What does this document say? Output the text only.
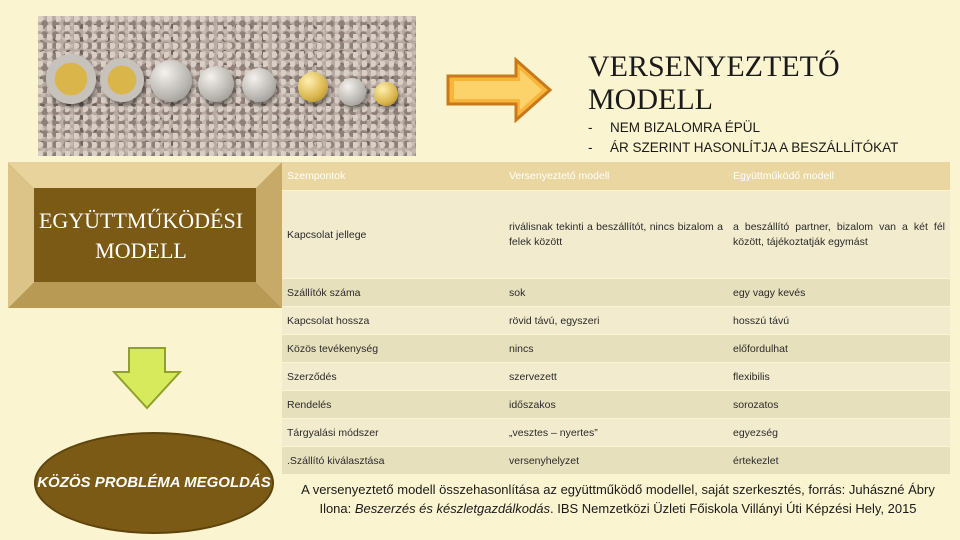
VERSENYEZTETŐ
MODELL
- NEM BIZALOMRA ÉPÜL
- ÁR SZERINT HASONLÍTJA A BESZÁLLÍTÓKAT
EGYÜTTMŰKÖDÉSI MODELL
KÖZÖS PROBLÉMA MEGOLDÁS
Szempontok	Versenyeztető modell	Együttműködő modell
Kapcsolat jellege	riválisnak tekinti a beszállítót, nincs bizalom a felek között	a beszállító partner, bizalom van a két fél között, tájékoztatják egymást
Szállítók száma	sok	egy vagy kevés
Kapcsolat hossza	rövid távú, egyszeri	hosszú távú
Közös tevékenység	nincs	előfordulhat
Szerződés	szervezett	flexibilis
Rendelés	időszakos	sorozatos
Tárgyalási módszer	„vesztes – nyertes”	egyezség
.Szállító kiválasztása	versenyhelyzet	értekezlet
A versenyeztető modell összehasonlítása az együttműködő modellel, saját szerkesztés, forrás: Juhászné Ábry Ilona: Beszerzés és készletgazdálkodás. IBS Nemzetközi Üzleti Főiskola Villányi Úti Képzési Hely, 2015
